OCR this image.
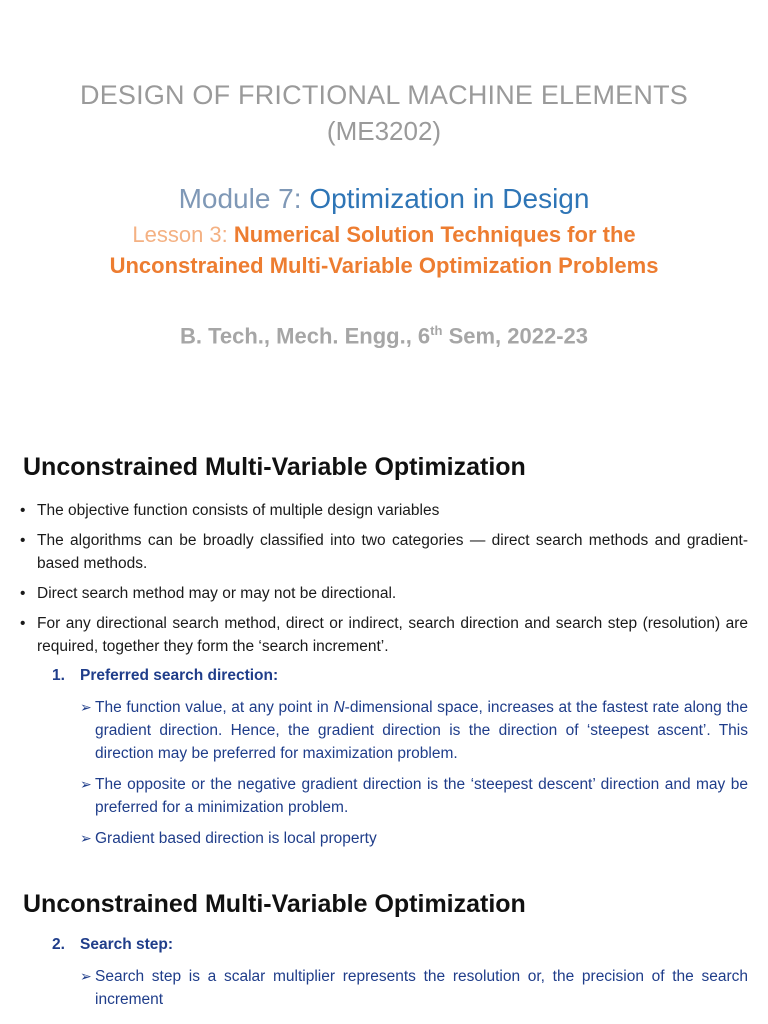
DESIGN OF FRICTIONAL MACHINE ELEMENTS
(ME3202)
Module 7: Optimization in Design
Lesson 3: Numerical Solution Techniques for the
Unconstrained Multi-Variable Optimization Problems
B. Tech., Mech. Engg., 6th Sem, 2022-23
Unconstrained Multi-Variable Optimization
• The objective function consists of multiple design variables
• The algorithms can be broadly classified into two categories — direct search methods and gradient-based methods.
• Direct search method may or may not be directional.
• For any directional search method, direct or indirect, search direction and search step (resolution) are required, together they form the ‘search increment’.
1. Preferred search direction:
➢ The function value, at any point in N-dimensional space, increases at the fastest rate along the gradient direction. Hence, the gradient direction is the direction of ‘steepest ascent’. This direction may be preferred for maximization problem.
➢ The opposite or the negative gradient direction is the ‘steepest descent’ direction and may be preferred for a minimization problem.
➢ Gradient based direction is local property
Unconstrained Multi-Variable Optimization
2. Search step:
➢ Search step is a scalar multiplier represents the resolution or, the precision of the search increment
